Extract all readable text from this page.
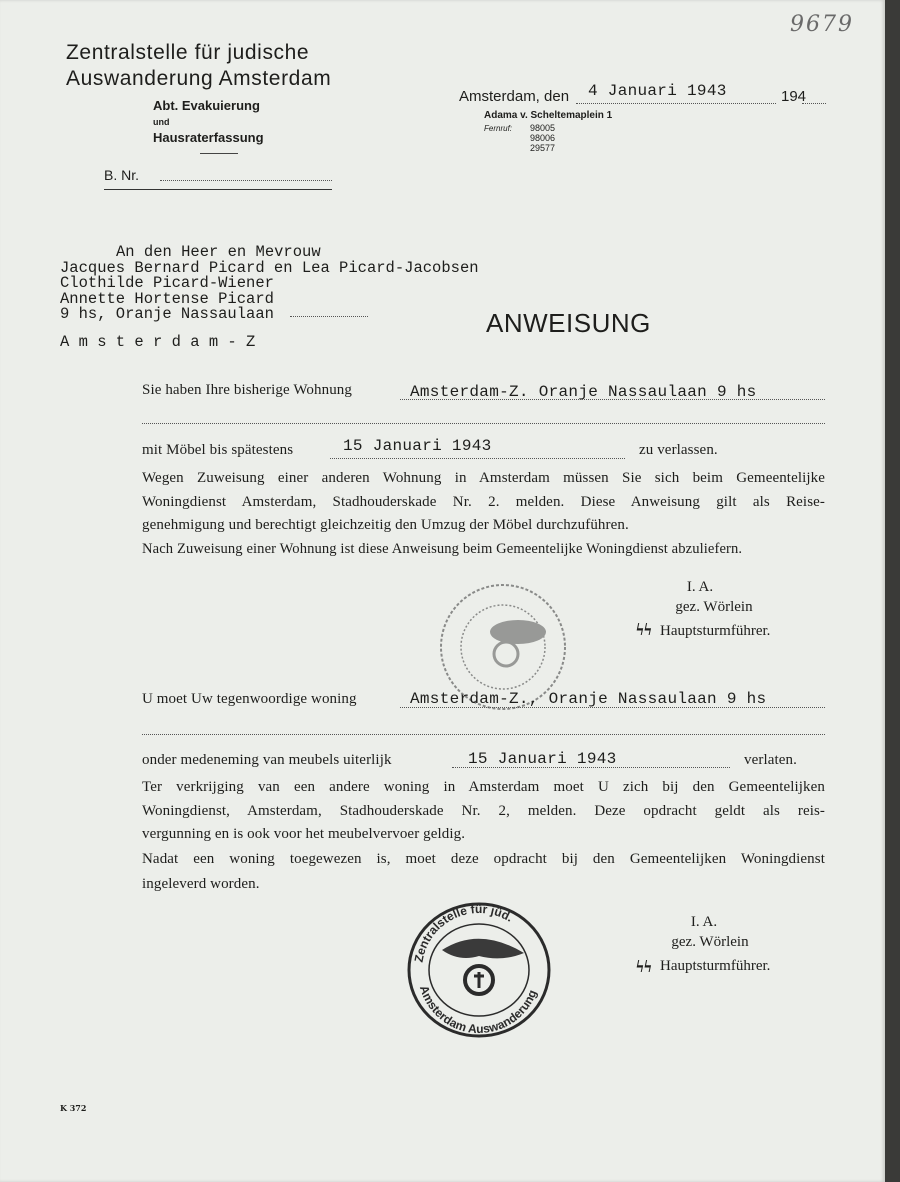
9679
Zentralstelle für judische
Auswanderung Amsterdam
Abt. Evakuierung
und
Hausraterfassung
B. Nr.
Amsterdam, den 4 Januari 1943	194
Adama v. Scheltemaplein 1
Fernruf: 98005
98006
29577
An den Heer en Mevrouw
Jacques Bernard Picard en Lea Picard-Jacobsen
Clothilde Picard-Wiener
Annette Hortense Picard
9 hs, Oranje Nassaulaan
A m s t e r d a m - Z
ANWEISUNG
Sie haben Ihre bisherige Wohnung	Amsterdam-Z. Oranje Nassaulaan 9 hs
mit Möbel bis spätestens	15 Januari 1943	zu verlassen.
Wegen Zuweisung einer anderen Wohnung in Amsterdam müssen Sie sich beim Gemeentelijke
Woningdienst Amsterdam, Stadhouderskade Nr. 2. melden. Diese Anweisung gilt als Reise-
genehmigung und berechtigt gleichzeitig den Umzug der Möbel durchzuführen.
Nach Zuweisung einer Wohnung ist diese Anweisung beim Gemeentelijke Woningdienst abzuliefern.
I. A.
gez. Wörlein
ϟϟ Hauptsturmführer.
U moet Uw tegenwoordige woning	Amsterdam-Z., Oranje Nassaulaan 9 hs
onder medeneming van meubels uiterlijk	15 Januari 1943	verlaten.
Ter verkrijging van een andere woning in Amsterdam moet U zich bij den Gemeentelijken
Woningdienst, Amsterdam, Stadhouderskade Nr. 2, melden. Deze opdracht geldt als reis-
vergunning en is ook voor het meubelvervoer geldig.
Nadat een woning toegewezen is, moet deze opdracht bij den Gemeentelijken Woningdienst
ingeleverd worden.
I. A.
gez. Wörlein
ϟϟ Hauptsturmführer.
Zentralstelle für jüd.
Amsterdam Auswanderung
K 372
